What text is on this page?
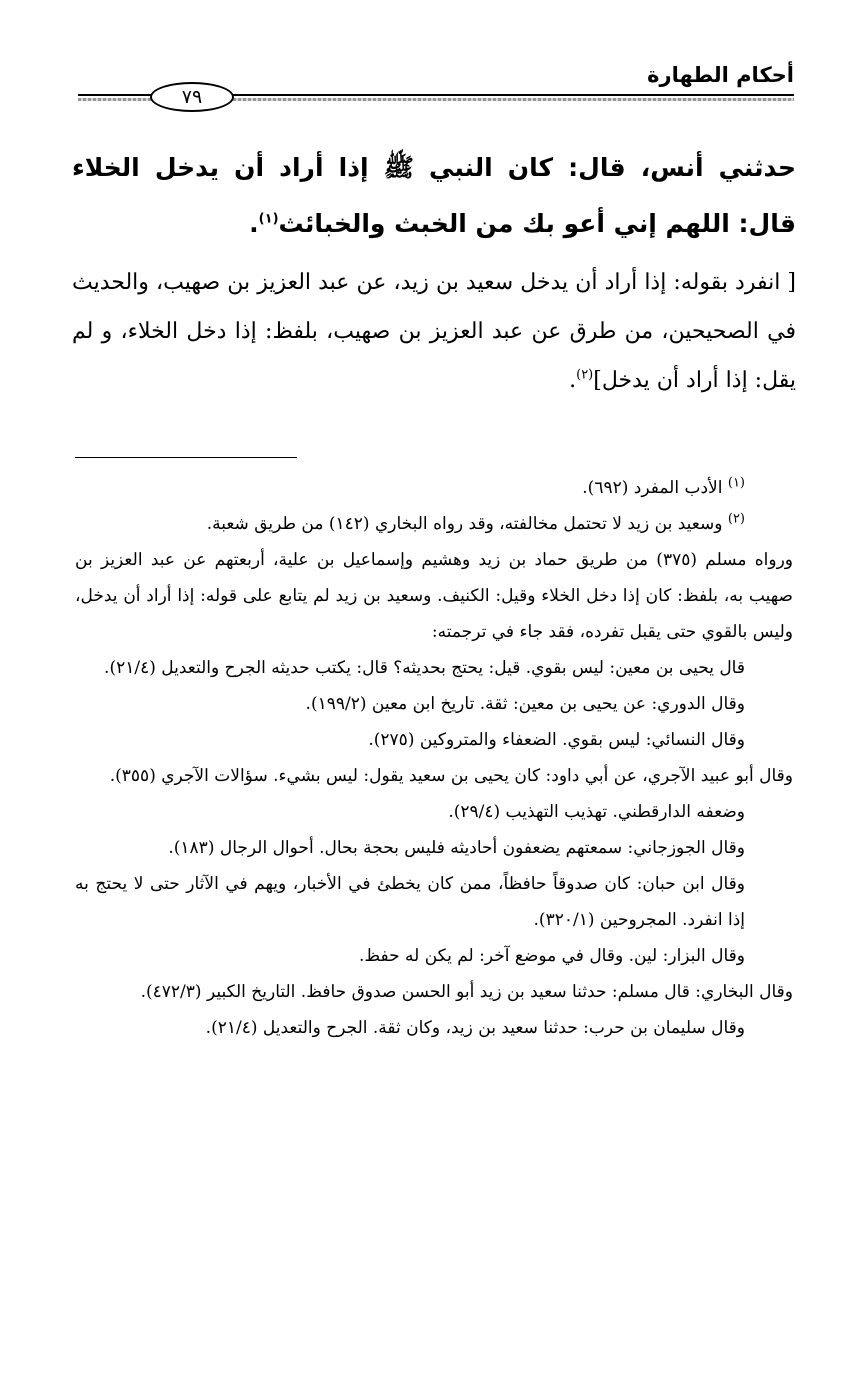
أحكام الطهارة
٧٩
حدثني أنس، قال: كان النبي ﷺ إذا أراد أن يدخل الخلاء قال: اللهم إني أعو بك من الخبث والخبائث$^{(١)}$.
[ انفرد بقوله: إذا أراد أن يدخل سعيد بن زيد، عن عبد العزيز بن صهيب، والحديث في الصحيحين، من طرق عن عبد العزيز بن صهيب، بلفظ: إذا دخل الخلاء، و لم يقل: إذا أراد أن يدخل]$^{(٢)}$.

$^{(١)}$ الأدب المفرد (٦٩٢).

$^{(٢)}$ وسعيد بن زيد لا تحتمل مخالفته، وقد رواه البخاري (١٤٢) من طريق شعبة.

ورواه مسلم (٣٧٥) من طريق حماد بن زيد وهشيم وإسماعيل بن علية، أربعتهم عن عبد العزيز بن صهيب به، بلفظ: كان إذا دخل الخلاء وقيل: الكنيف. وسعيد بن زيد لم يتابع على قوله: إذا أراد أن يدخل، وليس بالقوي حتى يقبل تفرده، فقد جاء في ترجمته:

قال يحيى بن معين: ليس بقوي. قيل: يحتج بحديثه؟ قال: يكتب حديثه الجرح والتعديل (٢١/٤).

وقال الدوري: عن يحيى بن معين: ثقة. تاريخ ابن معين (١٩٩/٢).

وقال النسائي: ليس بقوي. الضعفاء والمتروكين (٢٧٥).

وقال أبو عبيد الآجري، عن أبي داود: كان يحيى بن سعيد يقول: ليس بشيء. سؤالات الآجري (٣٥٥).

وضعفه الدارقطني. تهذيب التهذيب (٢٩/٤).

وقال الجوزجاني: سمعتهم يضعفون أحاديثه فليس بحجة بحال. أحوال الرجال (١٨٣).

وقال ابن حبان: كان صدوقاً حافظاً، ممن كان يخطئ في الأخبار، ويهم في الآثار حتى لا يحتج به إذا انفرد. المجروحين (٣٢٠/١).

وقال البزار: لين. وقال في موضع آخر: لم يكن له حفظ.

وقال البخاري: قال مسلم: حدثنا سعيد بن زيد أبو الحسن صدوق حافظ. التاريخ الكبير (٤٧٢/٣).

وقال سليمان بن حرب: حدثنا سعيد بن زيد، وكان ثقة. الجرح والتعديل (٢١/٤).
